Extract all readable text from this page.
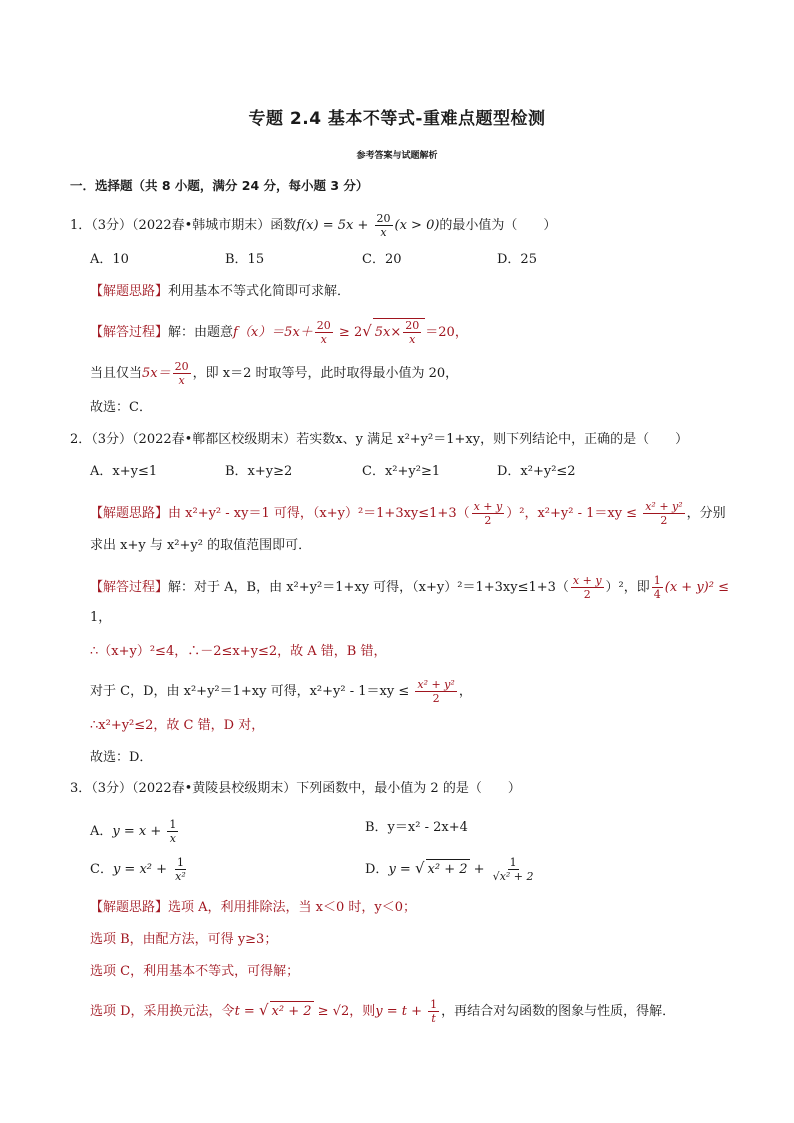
专题 2.4 基本不等式-重难点题型检测
参考答案与试题解析
一．选择题（共 8 小题，满分 24 分，每小题 3 分）
1．（3分）（2022春•韩城市期末）函数$f(x) = 5x + \frac{20}{x} (x > 0)$的最小值为（　　）
A．10	B．15	C．20	D．25
【解题思路】利用基本不等式化简即可求解．
【解答过程】解：由题意$f(x)=5x+ \frac{20}{x} \ge 2√$ $5x\times \frac{20}{x} =20$，
当且仅当$5x= \frac{20}{x}$ ，即 x＝2 时取等号，此时取得最小值为 20，
故选：C．
2．（3分）（2022春•郸都区校级期末）若实数x、y 满足 x²+y²＝1+xy，则下列结论中，正确的是（　　）
A．x+y≤1	B．x+y≥2	C．x²+y²≥1	D．x²+y²≤2
【解题思路】由 x²+y² - xy＝1 可得，$(x+y)^2=1+3xy\le 1+3( \frac{x + y}{2} )^2$，$x^2+y^2 - 1=xy \le \frac{\text{x² + y²}}{2}$ ，分别
求出 x+y 与 x²+y² 的取值范围即可．
【解答过程】解：对于 A，B，由 x²+y²＝1+xy 可得，$(x+y)^2=1+3xy\le 1+3( \frac{x + y}{2} )^2$，即 $\frac{1}{4} (x + y)^2$ ≤
1，
∴（x+y）²≤4，∴－2≤x+y≤2，故 A 错，B 错，
对于 C，D，由 x²+y²＝1+xy 可得，$x^2+y^2 - 1=xy \le \frac{\text{x² + y²}}{2}$ ，
∴x²+y²≤2，故 C 错，D 对，
故选：D．
3．（3分）（2022春•黄陵县校级期末）下列函数中，最小值为 2 的是（　　）
A．$y = x + \frac{1}{x}$	B．y＝x² - 2x+4
C．$y = x^2 + \frac{1}{\text{x²}}$	D．y = √ $x^2 + 2 + \frac{1}{\text{√x² + 2}}$
【解题思路】选项 A，利用排除法，当 x＜0 时，y＜0；
选项 B，由配方法，可得 y≥3；
选项 C，利用基本不等式，可得解；
选项 D，采用换元法，令t = √ x² + 2 ≥ √2，则$y = t + \frac{1}{t}$ ，再结合对勾函数的图象与性质，得解．
